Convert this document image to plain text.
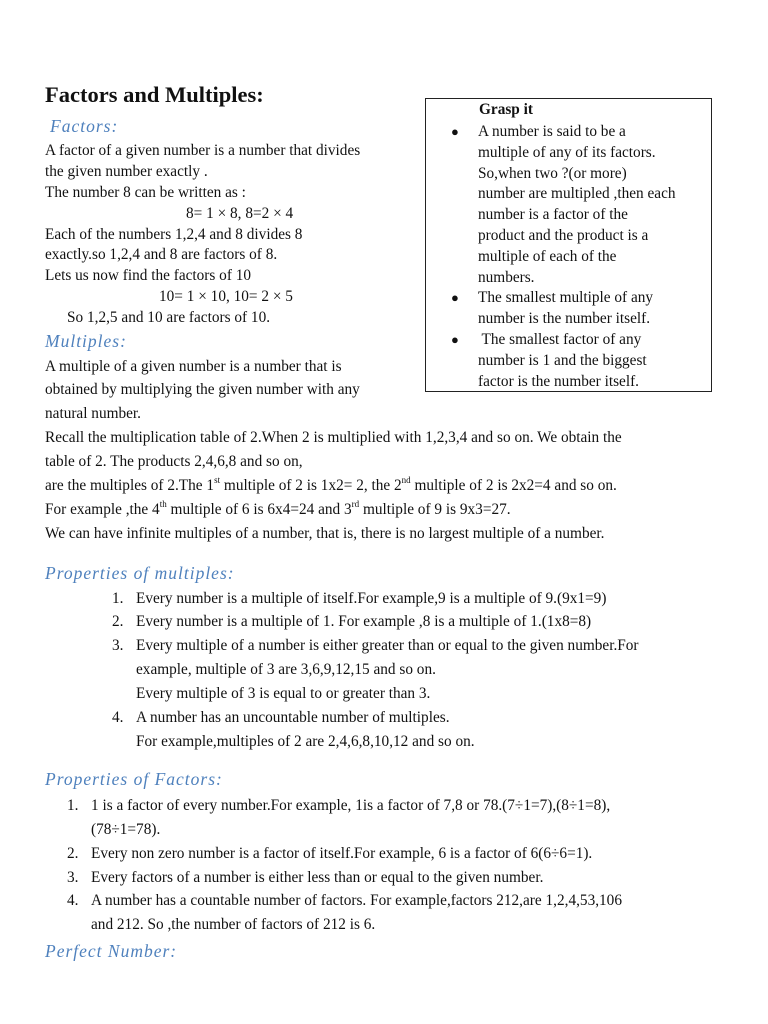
Factors and Multiples:
Factors:
A factor of a given number is a number that divides
the given number exactly .
The number 8 can be written as :
8= 1 × 8, 8=2 × 4
Each of the numbers 1,2,4 and 8 divides 8
exactly.so 1,2,4 and 8 are factors of 8.
Lets us now find the factors of 10
10= 1 × 10, 10= 2 × 5
So 1,2,5 and 10 are factors of 10.
Grasp it
● A number is said to be a
multiple of any of its factors.
So,when two ?(or more)
number are multipled ,then each
number is a factor of the
product and the product is a
multiple of each of the
numbers.
● The smallest multiple of any
number is the number itself.
● The smallest factor of any
number is 1 and the biggest
factor is the number itself.
Multiples:
A multiple of a given number is a number that is
obtained by multiplying the given number with any
natural number.
Recall the multiplication table of 2.When 2 is multiplied with 1,2,3,4 and so on. We obtain the
table of 2. The products 2,4,6,8 and so on,
are the multiples of 2.The 1st multiple of 2 is 1x2= 2, the 2nd multiple of 2 is 2x2=4 and so on.
For example ,the 4th multiple of 6 is 6x4=24 and 3rd multiple of 9 is 9x3=27.
We can have infinite multiples of a number, that is, there is no largest multiple of a number.
Properties of multiples:
1. Every number is a multiple of itself.For example,9 is a multiple of 9.(9x1=9)
2. Every number is a multiple of 1. For example ,8 is a multiple of 1.(1x8=8)
3. Every multiple of a number is either greater than or equal to the given number.For
example, multiple of 3 are 3,6,9,12,15 and so on.
Every multiple of 3 is equal to or greater than 3.
4. A number has an uncountable number of multiples.
For example,multiples of 2 are 2,4,6,8,10,12 and so on.
Properties of Factors:
1. 1 is a factor of every number.For example, 1is a factor of 7,8 or 78.(7÷1=7),(8÷1=8),
(78÷1=78).
2. Every non zero number is a factor of itself.For example, 6 is a factor of 6(6÷6=1).
3. Every factors of a number is either less than or equal to the given number.
4. A number has a countable number of factors. For example,factors 212,are 1,2,4,53,106
and 212. So ,the number of factors of 212 is 6.
Perfect Number:
